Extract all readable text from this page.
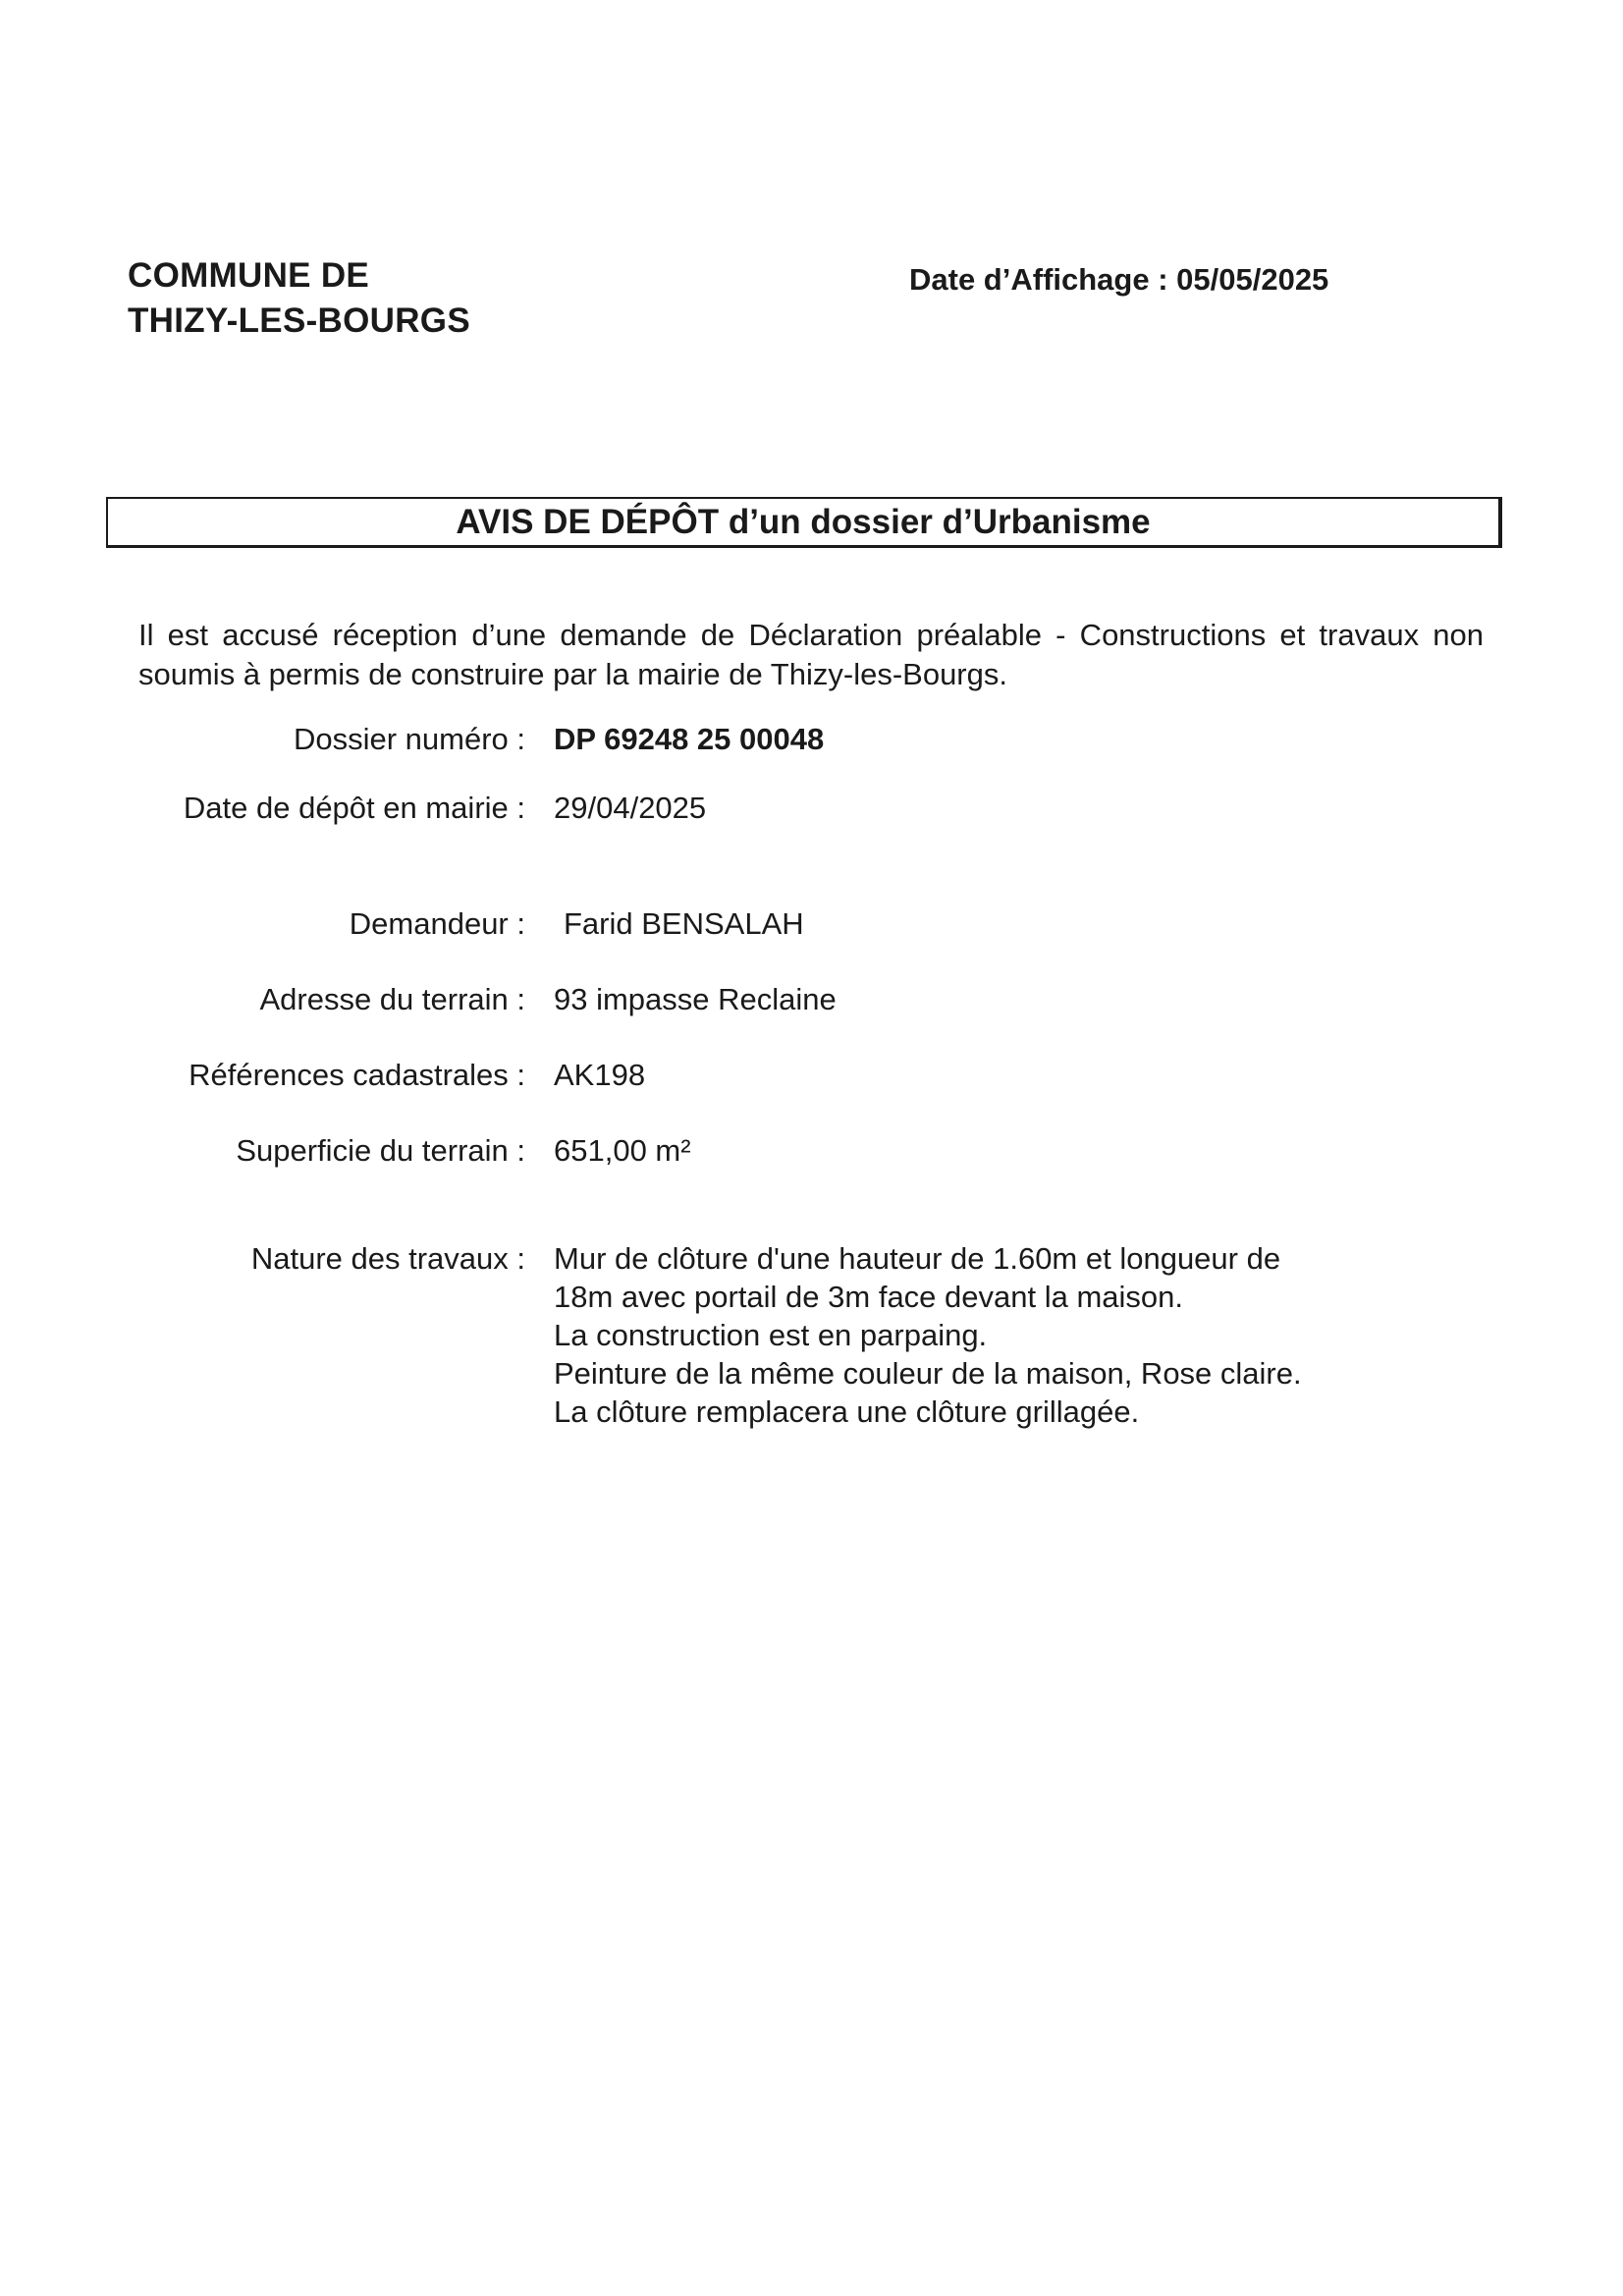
COMMUNE DE
THIZY-LES-BOURGS
Date d’Affichage : 05/05/2025
AVIS DE DÉPÔT d’un dossier d’Urbanisme
Il est accusé réception d’une demande de Déclaration préalable - Constructions et travaux non soumis à permis de construire par la mairie de Thizy-les-Bourgs.
Dossier numéro : DP 69248 25 00048
Date de dépôt en mairie : 29/04/2025
Demandeur : Farid BENSALAH
Adresse du terrain : 93 impasse Reclaine
Références cadastrales : AK198
Superficie du terrain : 651,00 m²
Nature des travaux : Mur de clôture d'une hauteur de 1.60m et longueur de
18m avec portail de 3m face devant la maison.
La construction est en parpaing.
Peinture de la même couleur de la maison, Rose claire.
La clôture remplacera une clôture grillagée.
